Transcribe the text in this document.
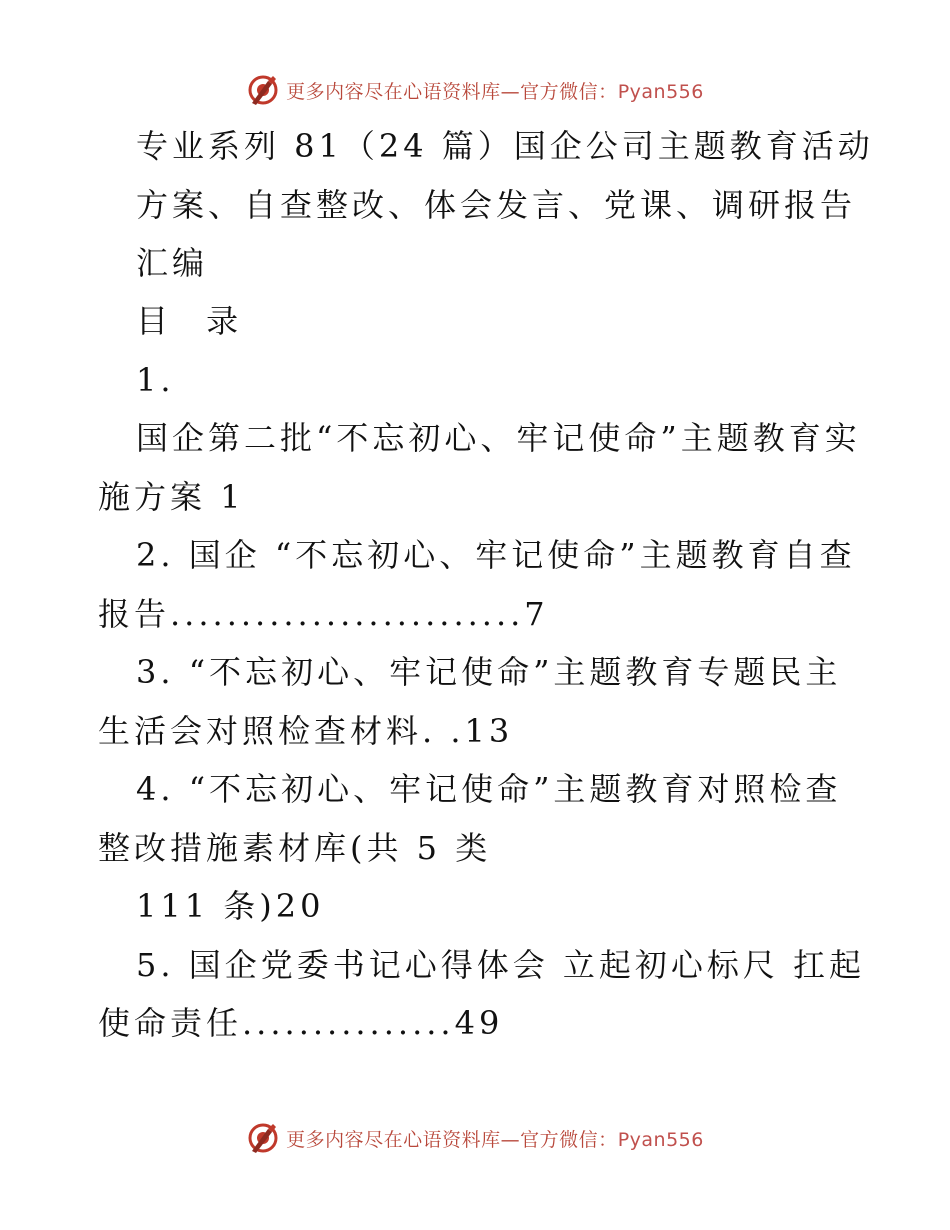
更多内容尽在心语资料库—官方微信：Pyan556
专业系列 81（24 篇）国企公司主题教育活动
方案、自查整改、体会发言、党课、调研报告
汇编
目 录
1.
国企第二批“不忘初心、牢记使命”主题教育实
施方案 1
2. 国企 “不忘初心、牢记使命”主题教育自查
报告.........................7
3. “不忘初心、牢记使命”主题教育专题民主
生活会对照检查材料. .13
4. “不忘初心、牢记使命”主题教育对照检查
整改措施素材库(共 5 类
111 条)20
5. 国企党委书记心得体会 立起初心标尺 扛起
使命责任...............49
更多内容尽在心语资料库—官方微信：Pyan556
